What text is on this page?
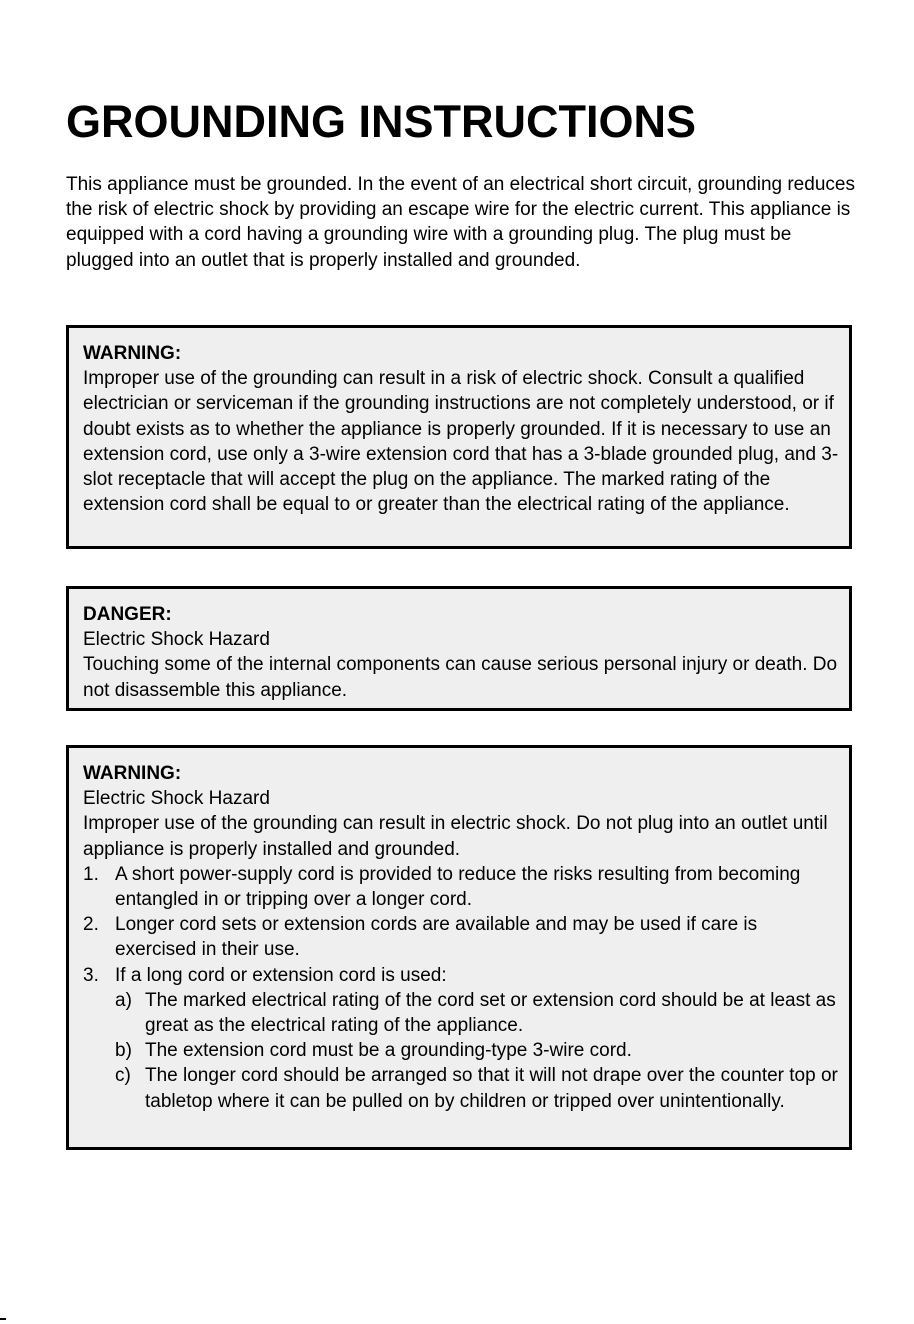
GROUNDING INSTRUCTIONS

This appliance must be grounded. In the event of an electrical short circuit, grounding reduces the risk of electric shock by providing an escape wire for the electric current. This appliance is equipped with a cord having a grounding wire with a grounding plug. The plug must be plugged into an outlet that is properly installed and grounded.

WARNING:
Improper use of the grounding can result in a risk of electric shock. Consult a qualified electrician or serviceman if the grounding instructions are not completely understood, or if doubt exists as to whether the appliance is properly grounded. If it is necessary to use an extension cord, use only a 3-wire extension cord that has a 3-blade grounded plug, and 3-slot receptacle that will accept the plug on the appliance. The marked rating of the extension cord shall be equal to or greater than the electrical rating of the appliance.
DANGER:
Electric Shock Hazard
Touching some of the internal components can cause serious personal injury or death. Do not disassemble this appliance.
WARNING:
Electric Shock Hazard
Improper use of the grounding can result in electric shock. Do not plug into an outlet until appliance is properly installed and grounded.
1. A short power-supply cord is provided to reduce the risks resulting from becoming entangled in or tripping over a longer cord.
2. Longer cord sets or extension cords are available and may be used if care is exercised in their use.
3. If a long cord or extension cord is used:
a) The marked electrical rating of the cord set or extension cord should be at least as great as the electrical rating of the appliance.
b) The extension cord must be a grounding-type 3-wire cord.
c) The longer cord should be arranged so that it will not drape over the counter top or tabletop where it can be pulled on by children or tripped over unintentionally.
